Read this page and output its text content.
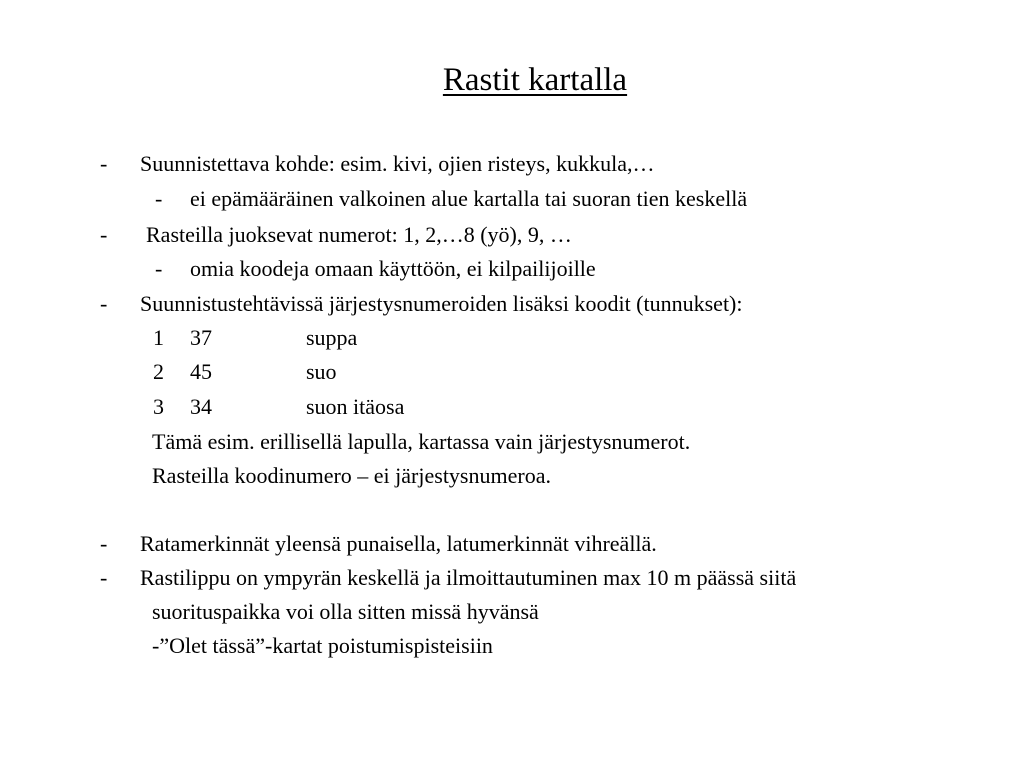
Rastit kartalla
- Suunnistettava kohde: esim. kivi, ojien risteys, kukkula,…
- ei epämääräinen valkoinen alue kartalla tai suoran tien keskellä
- Rasteilla juoksevat numerot: 1, 2,…8 (yö), 9, …
- omia koodeja omaan käyttöön, ei kilpailijoille
- Suunnistustehtävissä järjestysnumeroiden lisäksi koodit (tunnukset):
1 37	suppa
2 45	suo
3 34	suon itäosa
Tämä esim. erillisellä lapulla, kartassa vain järjestysnumerot.
Rasteilla koodinumero – ei järjestysnumeroa.
- Ratamerkinnät yleensä punaisella, latumerkinnät vihreällä.
- Rastilippu on ympyrän keskellä ja ilmoittautuminen max 10 m päässä siitä
suorituspaikka voi olla sitten missä hyvänsä
-”Olet tässä”-kartat poistumispisteisiin
